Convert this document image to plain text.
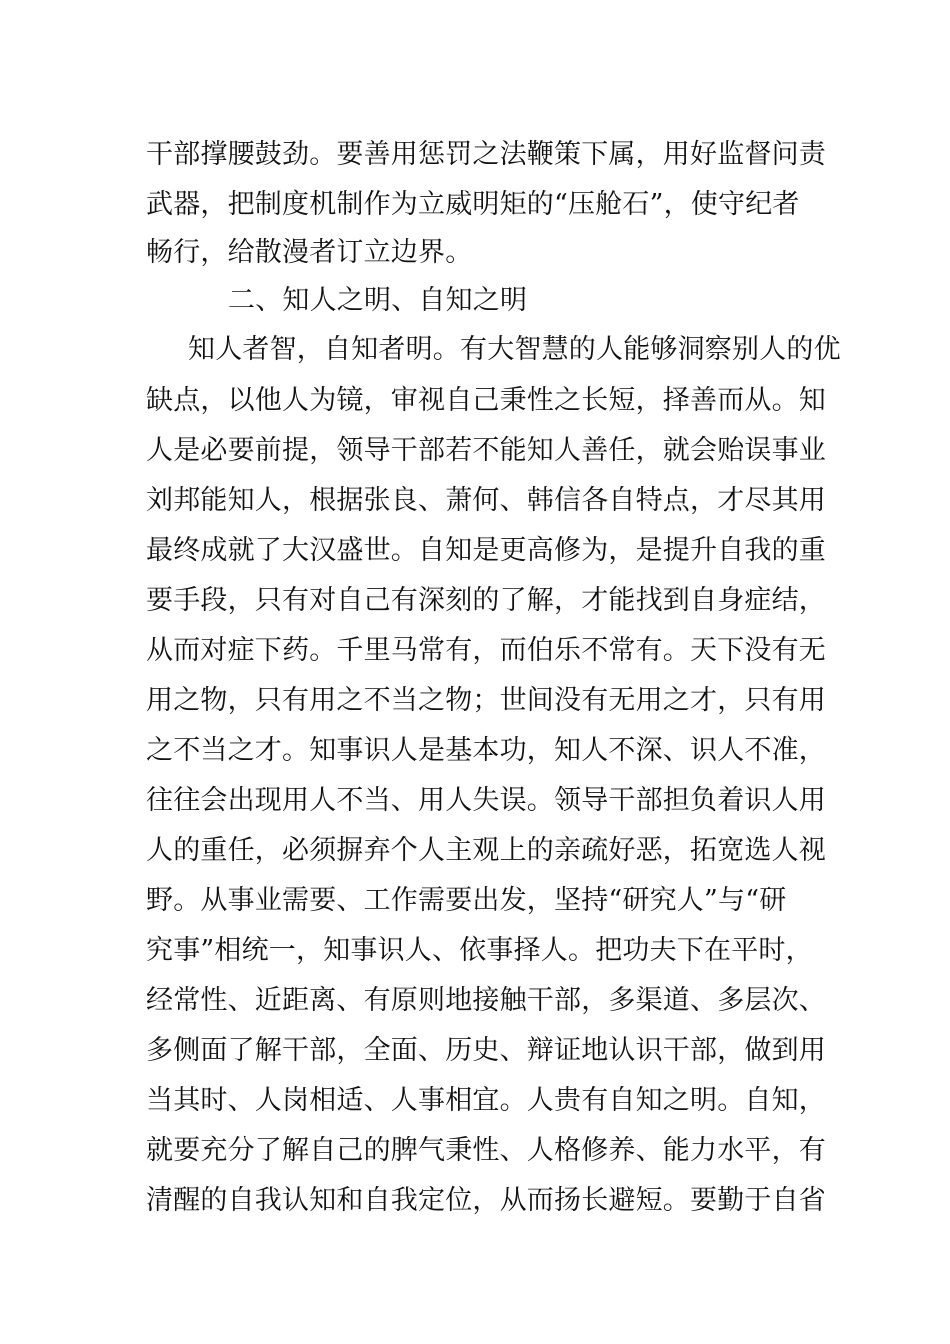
干部撑腰鼓劲。要善用惩罚之法鞭策下属，用好监督问责
武器，把制度机制作为立威明矩的“压舱石”，使守纪者
畅行，给散漫者订立边界。
二、知人之明、自知之明
知人者智，自知者明。有大智慧的人能够洞察别人的优
缺点，以他人为镜，审视自己秉性之长短，择善而从。知
人是必要前提，领导干部若不能知人善任，就会贻误事业
刘邦能知人，根据张良、萧何、韩信各自特点，才尽其用
最终成就了大汉盛世。自知是更高修为，是提升自我的重
要手段，只有对自己有深刻的了解，才能找到自身症结，
从而对症下药。千里马常有，而伯乐不常有。天下没有无
用之物，只有用之不当之物；世间没有无用之才，只有用
之不当之才。知事识人是基本功，知人不深、识人不准，
往往会出现用人不当、用人失误。领导干部担负着识人用
人的重任，必须摒弃个人主观上的亲疏好恶，拓宽选人视
野。从事业需要、工作需要出发，坚持“研究人”与“研
究事”相统一，知事识人、依事择人。把功夫下在平时，
经常性、近距离、有原则地接触干部，多渠道、多层次、
多侧面了解干部，全面、历史、辩证地认识干部，做到用
当其时、人岗相适、人事相宜。人贵有自知之明。自知，
就要充分了解自己的脾气秉性、人格修养、能力水平，有
清醒的自我认知和自我定位，从而扬长避短。要勤于自省
